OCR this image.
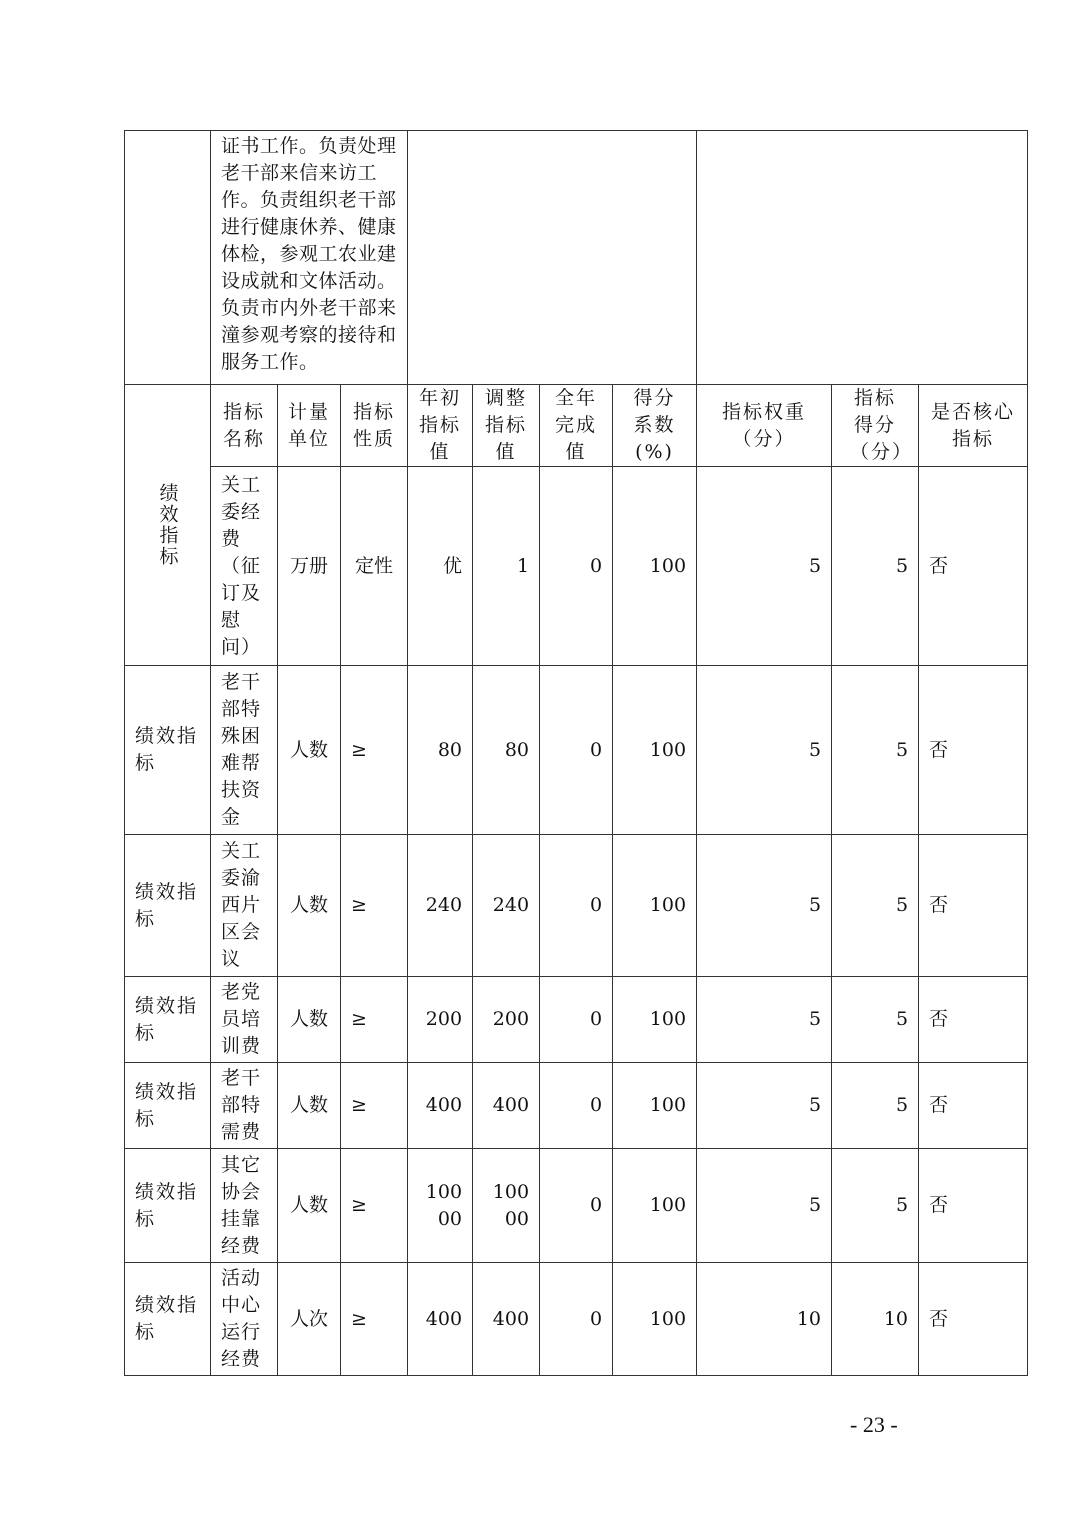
	证书工作。负责处理老干部来信来访工作。负责组织老干部进行健康休养、健康体检，参观工农业建设成就和文体活动。负责市内外老干部来潼参观考察的接待和服务工作。									

绩效指标	指标名称	计量单位	指标性质	年初指标值	调整指标值	全年完成值	得分系数(%)	指标权重（分）	指标得分（分）	是否核心指标

	关工委经费（征订及慰问）	万册	定性	优	1	0	100	5	5	否

绩效指标	老干部特殊困难帮扶资金	人数	≥	80	80	0	100	5	5	否

绩效指标	关工委渝西片区会议	人数	≥	240	240	0	100	5	5	否

绩效指标	老党员培训费	人数	≥	200	200	0	100	5	5	否

绩效指标	老干部特需费	人数	≥	400	400	0	100	5	5	否

绩效指标	其它协会挂靠经费	人数	≥	10000	10000	0	100	5	5	否

绩效指标	活动中心运行经费	人次	≥	400	400	0	100	10	10	否
- 23 -
